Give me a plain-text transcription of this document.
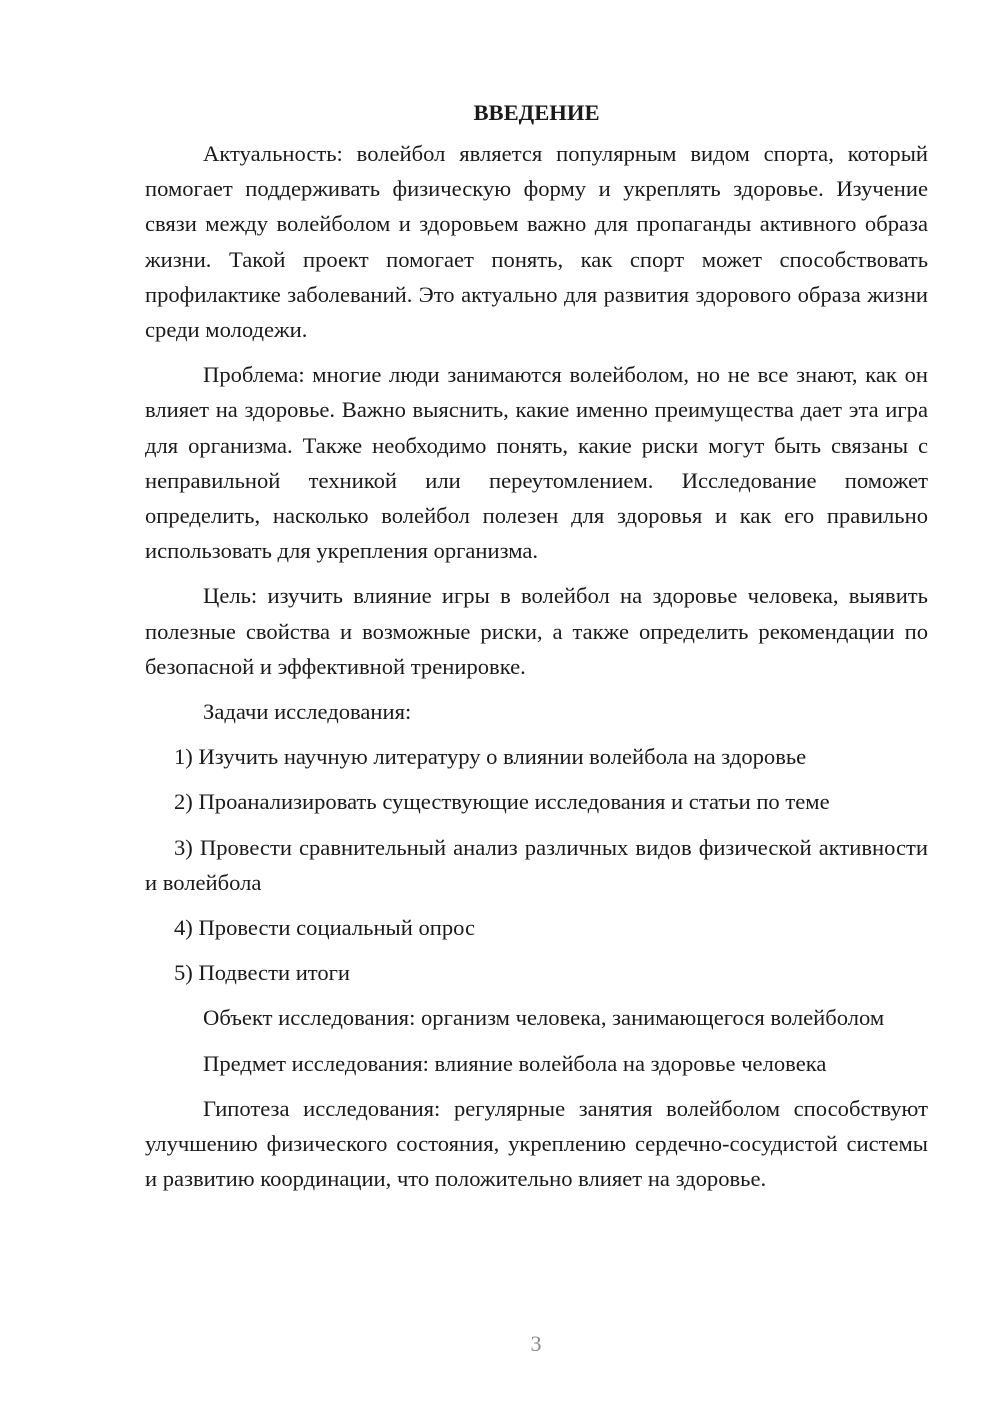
ВВЕДЕНИЕ

Актуальность: волейбол является популярным видом спорта, который помогает поддерживать физическую форму и укреплять здоровье. Изучение связи между волейболом и здоровьем важно для пропаганды активного образа жизни. Такой проект помогает понять, как спорт может способствовать профилактике заболеваний. Это актуально для развития здорового образа жизни среди молодежи.

Проблема: многие люди занимаются волейболом, но не все знают, как он влияет на здоровье. Важно выяснить, какие именно преимущества дает эта игра для организма. Также необходимо понять, какие риски могут быть связаны с неправильной техникой или переутомлением. Исследование поможет определить, насколько волейбол полезен для здоровья и как его правильно использовать для укрепления организма.

Цель: изучить влияние игры в волейбол на здоровье человека, выявить полезные свойства и возможные риски, а также определить рекомендации по безопасной и эффективной тренировке.

Задачи исследования:

1) Изучить научную литературу о влиянии волейбола на здоровье

2) Проанализировать существующие исследования и статьи по теме

3) Провести сравнительный анализ различных видов физической активности и волейбола

4) Провести социальный опрос

5) Подвести итоги

Объект исследования: организм человека, занимающегося волейболом

Предмет исследования: влияние волейбола на здоровье человека

Гипотеза исследования: регулярные занятия волейболом способствуют улучшению физического состояния, укреплению сердечно-сосудистой системы и развитию координации, что положительно влияет на здоровье.

3
